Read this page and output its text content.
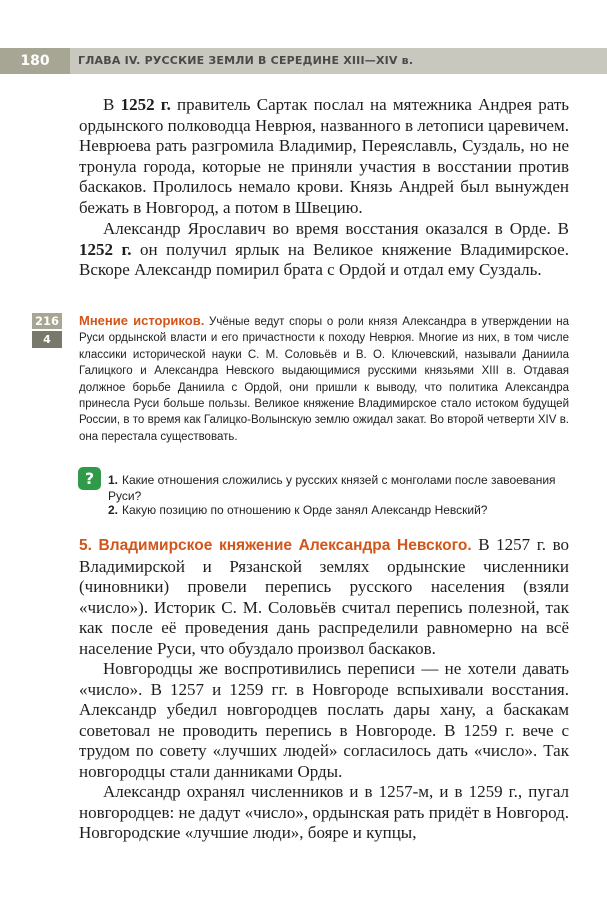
180	ГЛАВА IV. РУССКИЕ ЗЕМЛИ В СЕРЕДИНЕ XIII—XIV в.

В 1252 г. правитель Сартак послал на мятежника Андрея рать ордынского полководца Неврюя, названного в летописи царевичем. Неврюева рать разгромила Владимир, Переяславль, Суздаль, но не тронула города, которые не приняли участия в восстании против баскаков. Пролилось немало крови. Князь Андрей был вынужден бежать в Новгород, а потом в Швецию.

Александр Ярославич во время восстания оказался в Орде. В 1252 г. он получил ярлык на Великое княжение Владимирское. Вскоре Александр помирил брата с Ордой и отдал ему Суздаль.

216
4

Мнение историков. Учёные ведут споры о роли князя Александра в утверждении на Руси ордынской власти и его причастности к походу Неврюя. Многие из них, в том числе классики исторической науки С. М. Соловьёв и В. О. Ключевский, называли Даниила Галицкого и Александра Невского выдающимися русскими князьями XIII в. Отдавая должное борьбе Даниила с Ордой, они пришли к выводу, что политика Александра принесла Руси больше пользы. Великое княжение Владимирское стало истоком будущей России, в то время как Галицко-Волынскую землю ожидал закат. Во второй четверти XIV в. она перестала существовать.

?	1. Какие отношения сложились у русских князей с монголами после завоевания Руси?

2. Какую позицию по отношению к Орде занял Александр Невский?

5. Владимирское княжение Александра Невского. В 1257 г. во Владимирской и Рязанской землях ордынские численники (чиновники) провели перепись русского населения (взяли «число»). Историк С. М. Соловьёв считал перепись полезной, так как после её проведения дань распределили равномерно на всё население Руси, что обуздало произвол баскаков.

Новгородцы же воспротивились переписи — не хотели давать «число». В 1257 и 1259 гг. в Новгороде вспыхивали восстания. Александр убедил новгородцев послать дары хану, а баскакам советовал не проводить перепись в Новгороде. В 1259 г. вече с трудом по совету «лучших людей» согласилось дать «число». Так новгородцы стали данниками Орды.

Александр охранял численников и в 1257-м, и в 1259 г., пугал новгородцев: не дадут «число», ордынская рать придёт в Новгород. Новгородские «лучшие люди», бояре и купцы,
